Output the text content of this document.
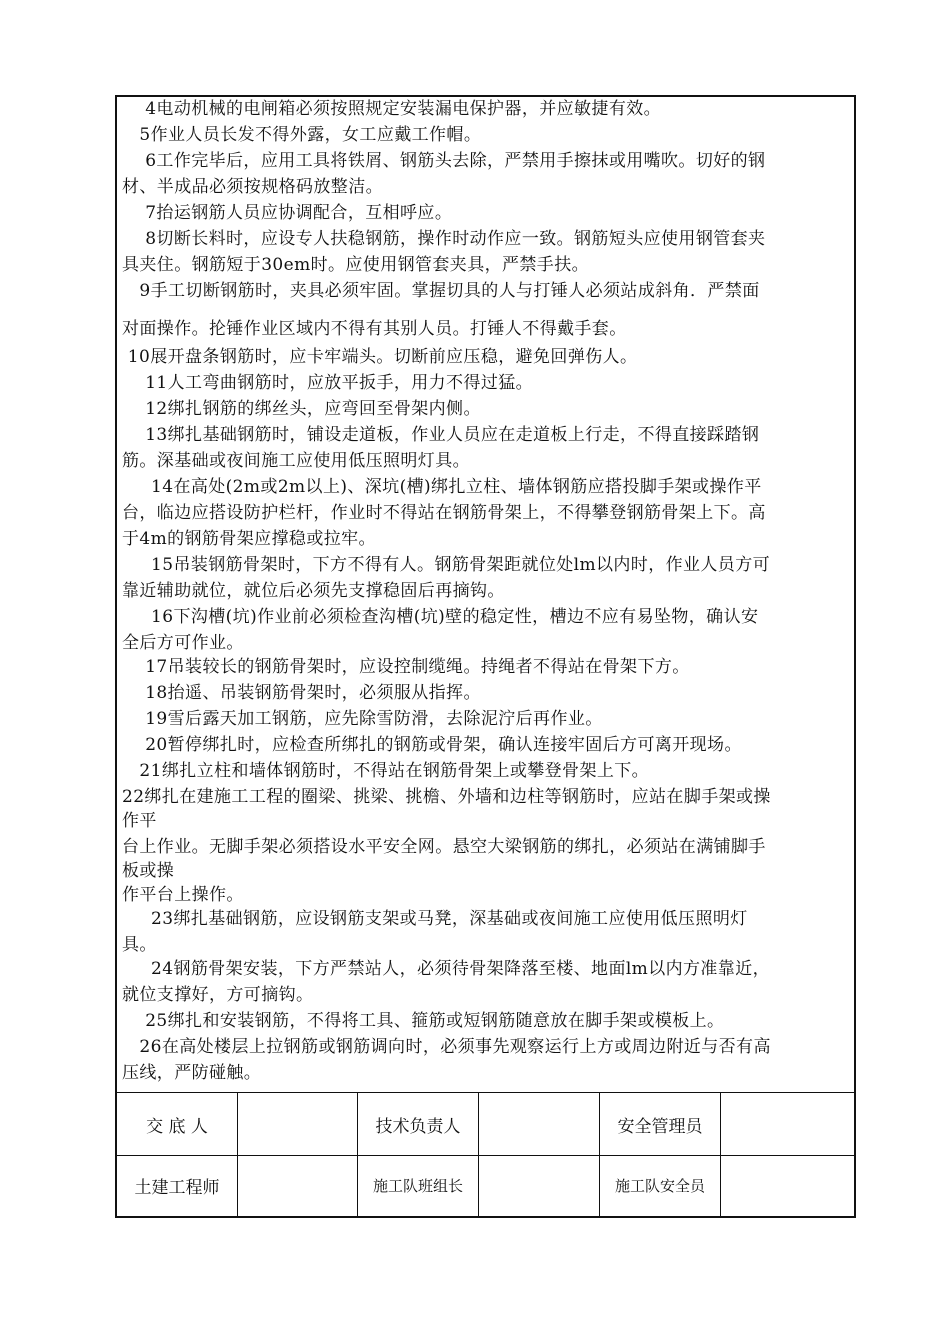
4电动机械的电闸箱必须按照规定安装漏电保护器，并应敏捷有效。
5作业人员长发不得外露，女工应戴工作帽。
6工作完毕后，应用工具将铁屑、钢筋头去除，严禁用手擦抹或用嘴吹。切好的钢
材、半成品必须按规格码放整洁。
7抬运钢筋人员应协调配合，互相呼应。
8切断长料时，应设专人扶稳钢筋，操作时动作应一致。钢筋短头应使用钢管套夹
具夹住。钢筋短于30em时。应使用钢管套夹具，严禁手扶。
9手工切断钢筋时，夹具必须牢固。掌握切具的人与打锤人必须站成斜角．严禁面
对面操作。抡锤作业区域内不得有其别人员。打锤人不得戴手套。
10展开盘条钢筋时，应卡牢端头。切断前应压稳，避免回弹伤人。
11人工弯曲钢筋时，应放平扳手，用力不得过猛。
12绑扎钢筋的绑丝头，应弯回至骨架内侧。
13绑扎基础钢筋时，铺设走道板，作业人员应在走道板上行走，不得直接踩踏钢
筋。深基础或夜间施工应使用低压照明灯具。
14在高处(2m或2m以上)、深坑(槽)绑扎立柱、墙体钢筋应搭投脚手架或操作平
台，临边应搭设防护栏杆，作业时不得站在钢筋骨架上，不得攀登钢筋骨架上下。高
于4m的钢筋骨架应撑稳或拉牢。
15吊装钢筋骨架时，下方不得有人。钢筋骨架距就位处lm以内时，作业人员方可
靠近辅助就位，就位后必须先支撑稳固后再摘钩。
16下沟槽(坑)作业前必须检查沟槽(坑)壁的稳定性，槽边不应有易坠物，确认安
全后方可作业。
17吊装较长的钢筋骨架时，应设控制缆绳。持绳者不得站在骨架下方。
18抬遥、吊装钢筋骨架时，必须服从指挥。
19雪后露天加工钢筋，应先除雪防滑，去除泥泞后再作业。
20暂停绑扎时，应检查所绑扎的钢筋或骨架，确认连接牢固后方可离开现场。
21绑扎立柱和墙体钢筋时，不得站在钢筋骨架上或攀登骨架上下。
22绑扎在建施工工程的圈梁、挑梁、挑檐、外墙和边柱等钢筋时，应站在脚手架或操
作平
台上作业。无脚手架必须搭设水平安全网。悬空大梁钢筋的绑扎，必须站在满铺脚手
板或操
作平台上操作。
23绑扎基础钢筋，应设钢筋支架或马凳，深基础或夜间施工应使用低压照明灯
具。
24钢筋骨架安装，下方严禁站人，必须待骨架降落至楼、地面lm以内方准靠近，
就位支撑好，方可摘钩。
25绑扎和安装钢筋，不得将工具、箍筋或短钢筋随意放在脚手架或模板上。
26在高处楼层上拉钢筋或钢筋调向时，必须事先观察运行上方或周边附近与否有高
压线，严防碰触。
交 底 人	技术负责人	安全管理员
土建工程师	施工队班组长	施工队安全员
